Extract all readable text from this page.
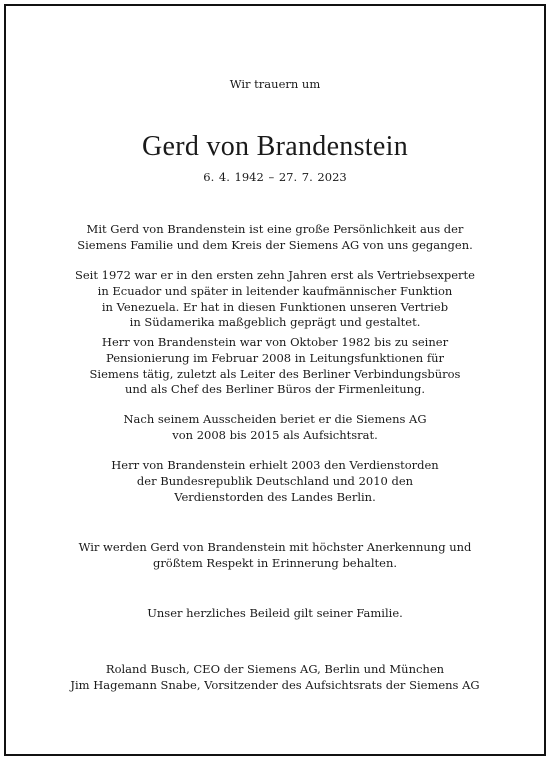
Wir trauern um
Gerd von Brandenstein
6. 4. 1942 – 27. 7. 2023
Mit Gerd von Brandenstein ist eine große Persönlichkeit aus der
Siemens Familie und dem Kreis der Siemens AG von uns gegangen.
Seit 1972 war er in den ersten zehn Jahren erst als Vertriebsexperte
in Ecuador und später in leitender kaufmännischer Funktion
in Venezuela. Er hat in diesen Funktionen unseren Vertrieb
in Südamerika maßgeblich geprägt und gestaltet.
Herr von Brandenstein war von Oktober 1982 bis zu seiner
Pensionierung im Februar 2008 in Leitungsfunktionen für
Siemens tätig, zuletzt als Leiter des Berliner Verbindungsbüros
und als Chef des Berliner Büros der Firmenleitung.
Nach seinem Ausscheiden beriet er die Siemens AG
von 2008 bis 2015 als Aufsichtsrat.
Herr von Brandenstein erhielt 2003 den Verdienstorden
der Bundesrepublik Deutschland und 2010 den
Verdienstorden des Landes Berlin.
Wir werden Gerd von Brandenstein mit höchster Anerkennung und
größtem Respekt in Erinnerung behalten.
Unser herzliches Beileid gilt seiner Familie.
Roland Busch, CEO der Siemens AG, Berlin und München
Jim Hagemann Snabe, Vorsitzender des Aufsichtsrats der Siemens AG
